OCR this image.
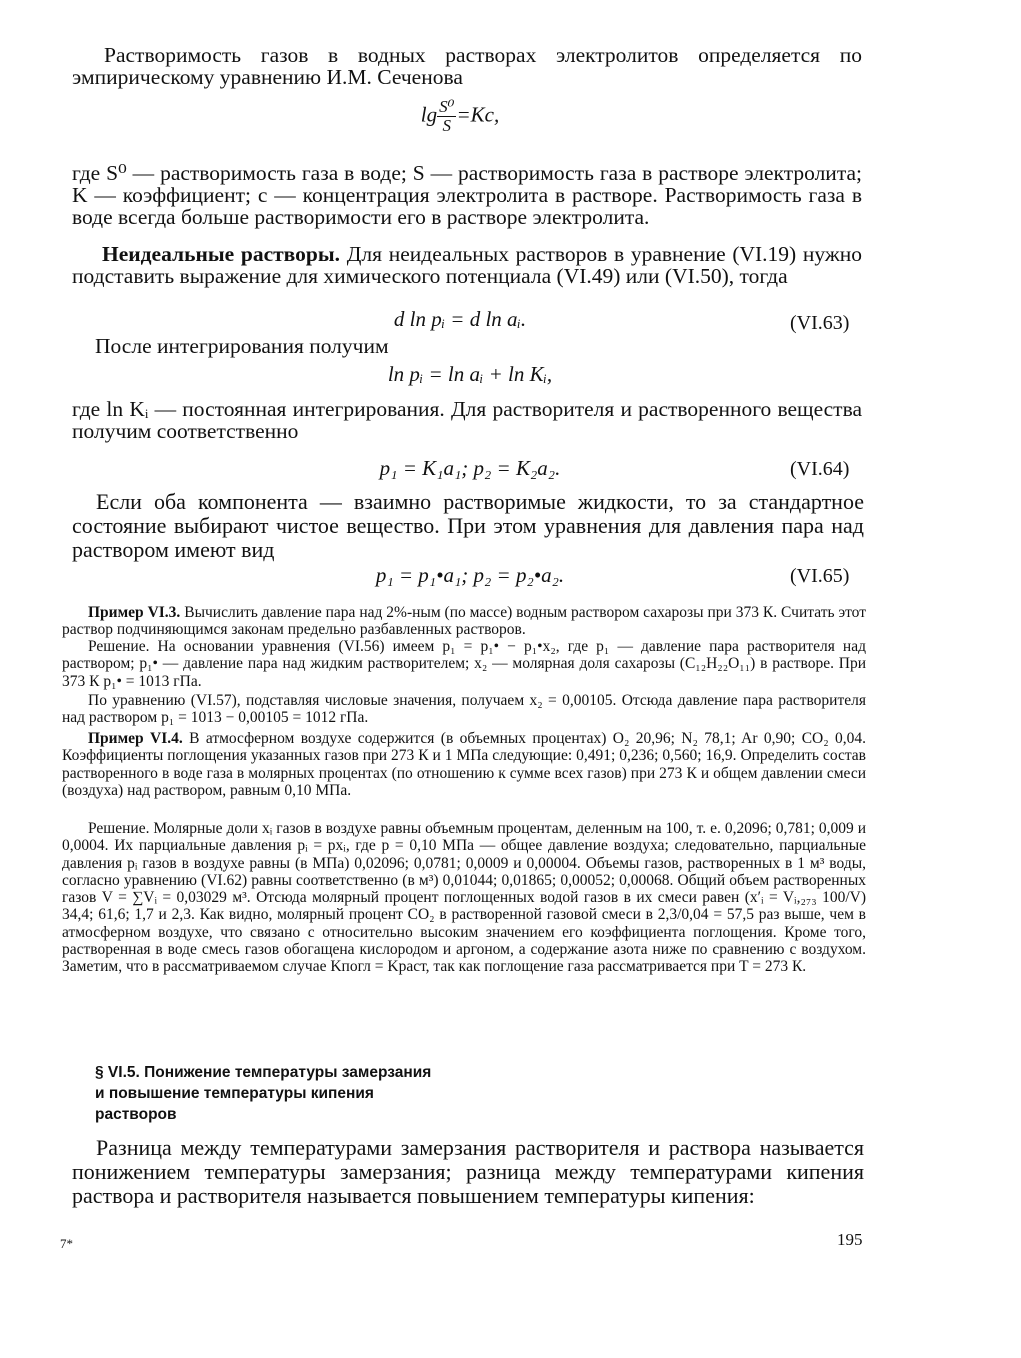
Растворимость газов в водных растворах электролитов определяется по эмпирическому уравнению И.М. Сеченова

$\lg \frac{\text{S⁰}}{S} =Kc$,

где S⁰ — растворимость газа в воде; S — растворимость газа в растворе электролита; K — коэффициент; c — концентрация электролита в растворе. Растворимость газа в воде всегда больше растворимости его в растворе электролита.

Неидеальные растворы. Для неидеальных растворов в уравнение (VI.19) нужно подставить выражение для химического потенциала (VI.49) или (VI.50), тогда

d ln pᵢ = d ln aᵢ.	(VI.63)

После интегрирования получим

ln pᵢ = ln aᵢ + ln Kᵢ,

где ln Kᵢ — постоянная интегрирования. Для растворителя и растворенного вещества получим соответственно

p₁ = K₁a₁; p₂ = K₂a₂.	(VI.64)

Если оба компонента — взаимно растворимые жидкости, то за стандартное состояние выбирают чистое вещество. При этом уравнения для давления пара над раствором имеют вид

p₁ = p₁•a₁; p₂ = p₂•a₂.	(VI.65)

Пример VI.3. Вычислить давление пара над 2%-ным (по массе) водным раствором сахарозы при 373 К. Считать этот раствор подчиняющимся законам предельно разбавленных растворов.

Решение. На основании уравнения (VI.56) имеем p₁ = p₁• − p₁•x₂, где p₁ — давление пара растворителя над раствором; p₁• — давление пара над жидким растворителем; x₂ — молярная доля сахарозы (C₁₂H₂₂O₁₁) в растворе. При 373 К p₁• = 1013 гПа.

По уравнению (VI.57), подставляя числовые значения, получаем x₂ = 0,00105. Отсюда давление пара растворителя над раствором p₁ = 1013 − 0,00105 = 1012 гПа.

Пример VI.4. В атмосферном воздухе содержится (в объемных процентах) O₂ 20,96; N₂ 78,1; Ar 0,90; CO₂ 0,04. Коэффициенты поглощения указанных газов при 273 К и 1 МПа следующие: 0,491; 0,236; 0,560; 16,9. Определить состав растворенного в воде газа в молярных процентах (по отношению к сумме всех газов) при 273 К и общем давлении смеси (воздуха) над раствором, равным 0,10 МПа.

Решение. Молярные доли xᵢ газов в воздухе равны объемным процентам, деленным на 100, т. е. 0,2096; 0,781; 0,009 и 0,0004. Их парциальные давления pᵢ = pxᵢ, где p = 0,10 МПа — общее давление воздуха; следовательно, парциальные давления pᵢ газов в воздухе равны (в МПа) 0,02096; 0,0781; 0,0009 и 0,00004. Объемы газов, растворенных в 1 м³ воды, согласно уравнению (VI.62) равны соответственно (в м³) 0,01044; 0,01865; 0,00052; 0,00068. Общий объем растворенных газов V = ∑Vᵢ = 0,03029 м³. Отсюда молярный процент поглощенных водой газов в их смеси равен (x′ᵢ = Vᵢ,₂₇₃ 100/V) 34,4; 61,6; 1,7 и 2,3. Как видно, молярный процент CO₂ в растворенной газовой смеси в 2,3/0,04 = 57,5 раз выше, чем в атмосферном воздухе, что связано с относительно высоким значением его коэффициента поглощения. Кроме того, растворенная в воде смесь газов обогащена кислородом и аргоном, а содержание азота ниже по сравнению с воздухом. Заметим, что в рассматриваемом случае Kпогл = Kраст, так как поглощение газа рассматривается при T = 273 К.

§ VI.5. Понижение температуры замерзания
и повышение температуры кипения
растворов

Разница между температурами замерзания растворителя и раствора называется понижением температуры замерзания; разница между температурами кипения раствора и растворителя называется повышением температуры кипения:

7*	195
